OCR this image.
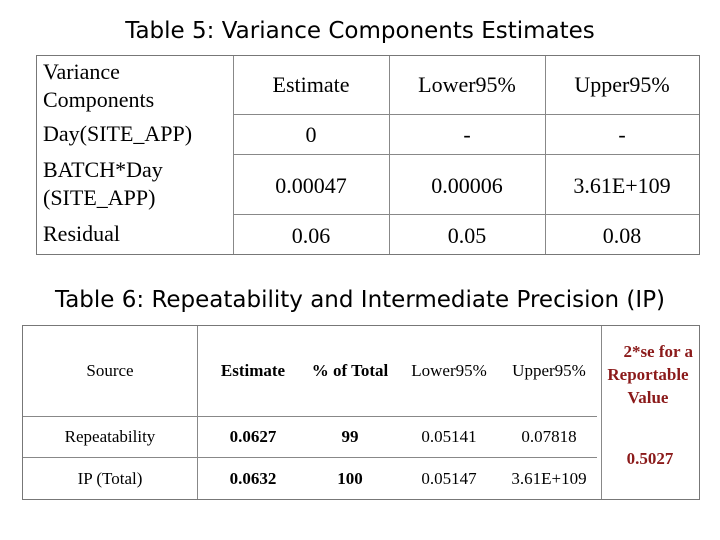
Table 5: Variance Components Estimates
Variance
Components
Estimate	Lower95%	Upper95%
Day(SITE_APP)	0	-	-
BATCH*Day
(SITE_APP)	0.00047	0.00006	3.61E+109
Residual	0.06	0.05	0.08
Table 6: Repeatability and Intermediate Precision (IP)
Source	Estimate	% of Total	Lower95%	Upper95%
2*se for a
Reportable
Value
Repeatability	0.0627	99	0.05141	0.07818
IP (Total)	0.0632	100	0.05147	3.61E+109
0.5027
